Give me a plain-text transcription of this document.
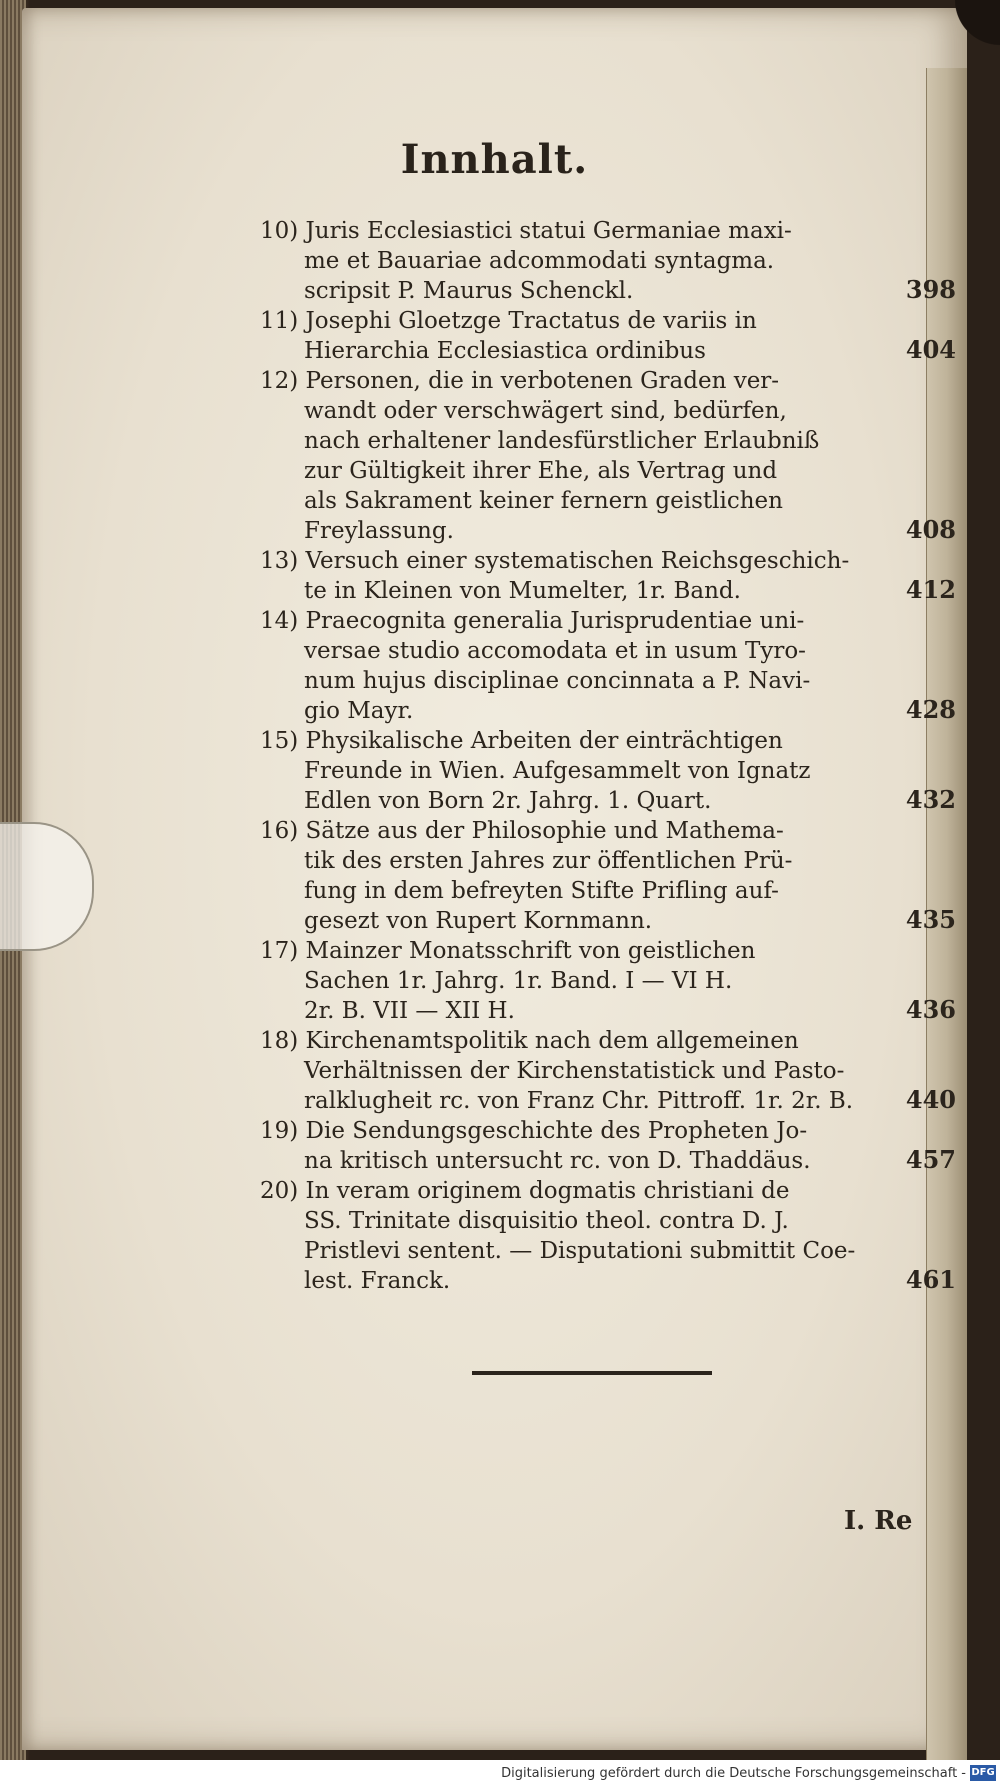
Innhalt.
10) Juris Ecclesiastici statui Germaniae maxi-
me et Bauariae adcommodati syntagma.
scripsit P. Maurus Schenckl.	398
11) Josephi Gloetzge Tractatus de variis in
Hierarchia Ecclesiastica ordinibus	404
12) Personen, die in verbotenen Graden ver-
wandt oder verschwägert sind, bedürfen,
nach erhaltener landesfürstlicher Erlaubniß
zur Gültigkeit ihrer Ehe, als Vertrag und
als Sakrament keiner fernern geistlichen
Freylassung.	408
13) Versuch einer systematischen Reichsgeschich-
te in Kleinen von Mumelter, 1r. Band.	412
14) Praecognita generalia Jurisprudentiae uni-
versae studio accomodata et in usum Tyro-
num hujus disciplinae concinnata a P. Navi-
gio Mayr.	428
15) Physikalische Arbeiten der einträchtigen
Freunde in Wien. Aufgesammelt von Ignatz
Edlen von Born 2r. Jahrg. 1. Quart.	432
16) Sätze aus der Philosophie und Mathema-
tik des ersten Jahres zur öffentlichen Prü-
fung in dem befreyten Stifte Prifling auf-
gesezt von Rupert Kornmann.	435
17) Mainzer Monatsschrift von geistlichen
Sachen 1r. Jahrg. 1r. Band. I — VI H.
2r. B. VII — XII H.	436
18) Kirchenamtspolitik nach dem allgemeinen
Verhältnissen der Kirchenstatistick und Pasto-
ralklugheit rc. von Franz Chr. Pittroff. 1r. 2r. B.	440
19) Die Sendungsgeschichte des Propheten Jo-
na kritisch untersucht rc. von D. Thaddäus.	457
20) In veram originem dogmatis christiani de
SS. Trinitate disquisitio theol. contra D. J.
Pristlevi sentent. — Disputationi submittit Coe-
lest. Franck.	461
I. Re
Digitalisierung gefördert durch die Deutsche Forschungsgemeinschaft - DFG
